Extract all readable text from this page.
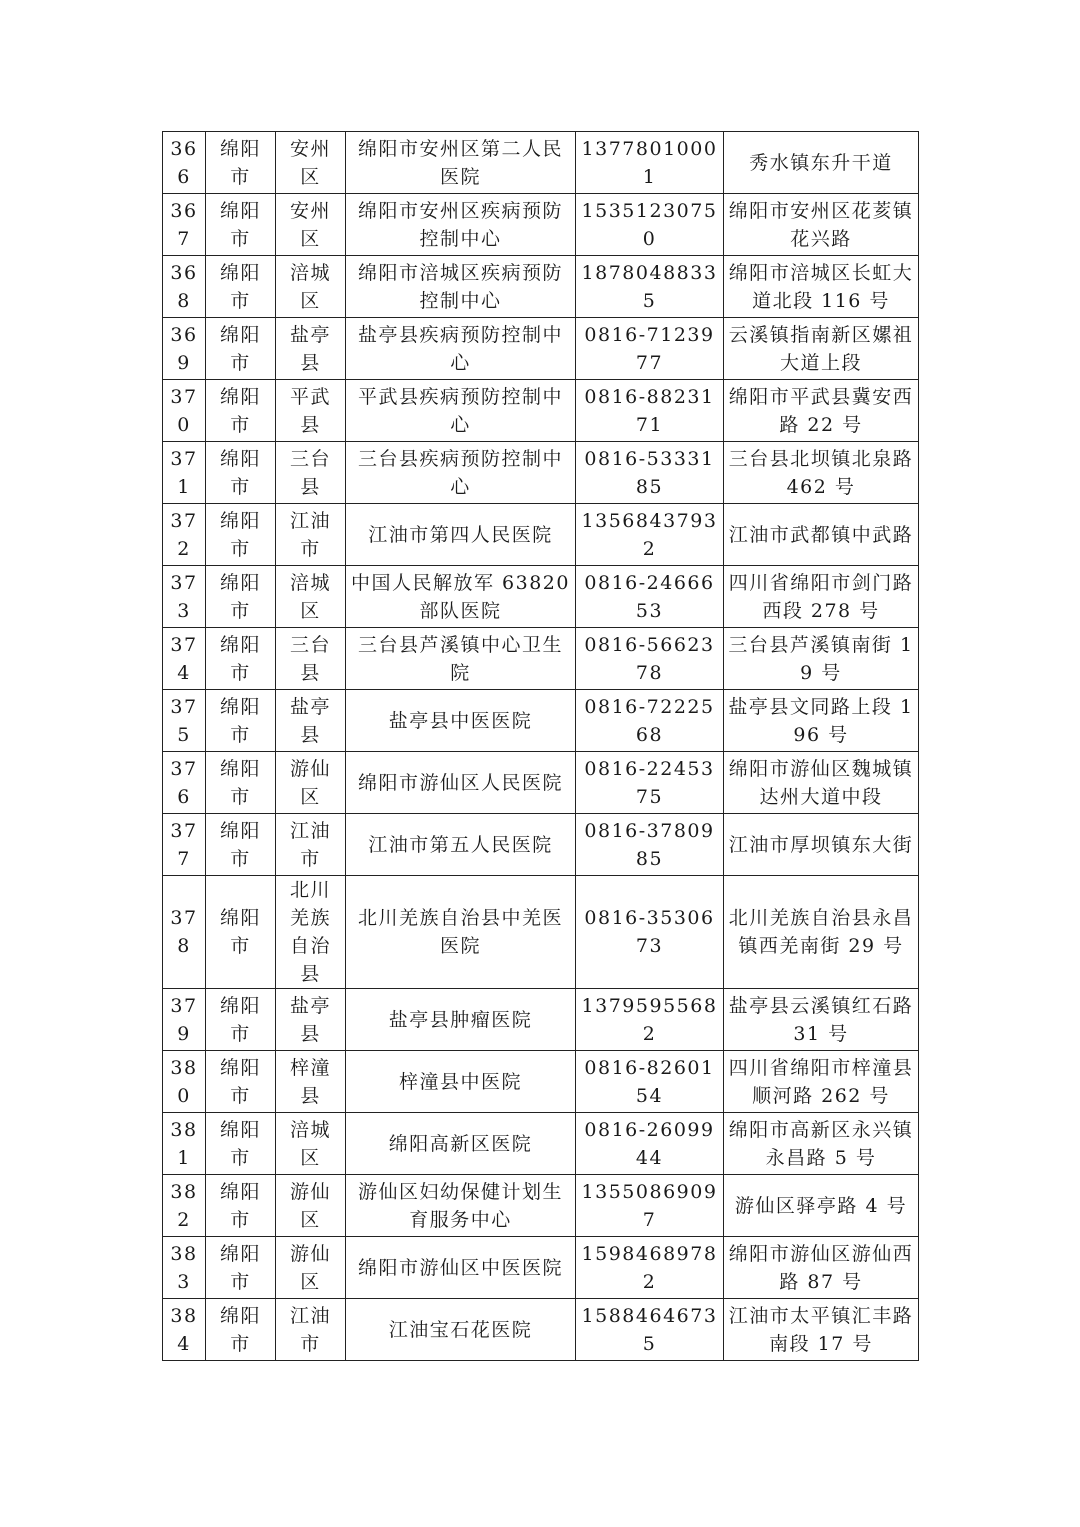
366	绵阳市	安州区	绵阳市安州区第二人民医院	13778010001	秀水镇东升干道
367	绵阳市	安州区	绵阳市安州区疾病预防控制中心	15351230750	绵阳市安州区花荄镇花兴路
368	绵阳市	涪城区	绵阳市涪城区疾病预防控制中心	18780488335	绵阳市涪城区长虹大道北段 116 号
369	绵阳市	盐亭县	盐亭县疾病预防控制中心	0816-7123977	云溪镇指南新区嫘祖大道上段
370	绵阳市	平武县	平武县疾病预防控制中心	0816-8823171	绵阳市平武县冀安西路 22 号
371	绵阳市	三台县	三台县疾病预防控制中心	0816-5333185	三台县北坝镇北泉路 462 号
372	绵阳市	江油市	江油市第四人民医院	13568437932	江油市武都镇中武路
373	绵阳市	涪城区	中国人民解放军 63820 部队医院	0816-2466653	四川省绵阳市剑门路西段 278 号
374	绵阳市	三台县	三台县芦溪镇中心卫生院	0816-5662378	三台县芦溪镇南街 19 号
375	绵阳市	盐亭县	盐亭县中医医院	0816-7222568	盐亭县文同路上段 196 号
376	绵阳市	游仙区	绵阳市游仙区人民医院	0816-2245375	绵阳市游仙区魏城镇达州大道中段
377	绵阳市	江油市	江油市第五人民医院	0816-3780985	江油市厚坝镇东大街
378	绵阳市	北川羌族自治县	北川羌族自治县中羌医医院	0816-3530673	北川羌族自治县永昌镇西羌南街 29 号
379	绵阳市	盐亭县	盐亭县肿瘤医院	13795955682	盐亭县云溪镇红石路 31 号
380	绵阳市	梓潼县	梓潼县中医院	0816-8260154	四川省绵阳市梓潼县顺河路 262 号
381	绵阳市	涪城区	绵阳高新区医院	0816-2609944	绵阳市高新区永兴镇永昌路 5 号
382	绵阳市	游仙区	游仙区妇幼保健计划生育服务中心	13550869097	游仙区驿亭路 4 号
383	绵阳市	游仙区	绵阳市游仙区中医医院	15984689782	绵阳市游仙区游仙西路 87 号
384	绵阳市	江油市	江油宝石花医院	15884646735	江油市太平镇汇丰路南段 17 号
